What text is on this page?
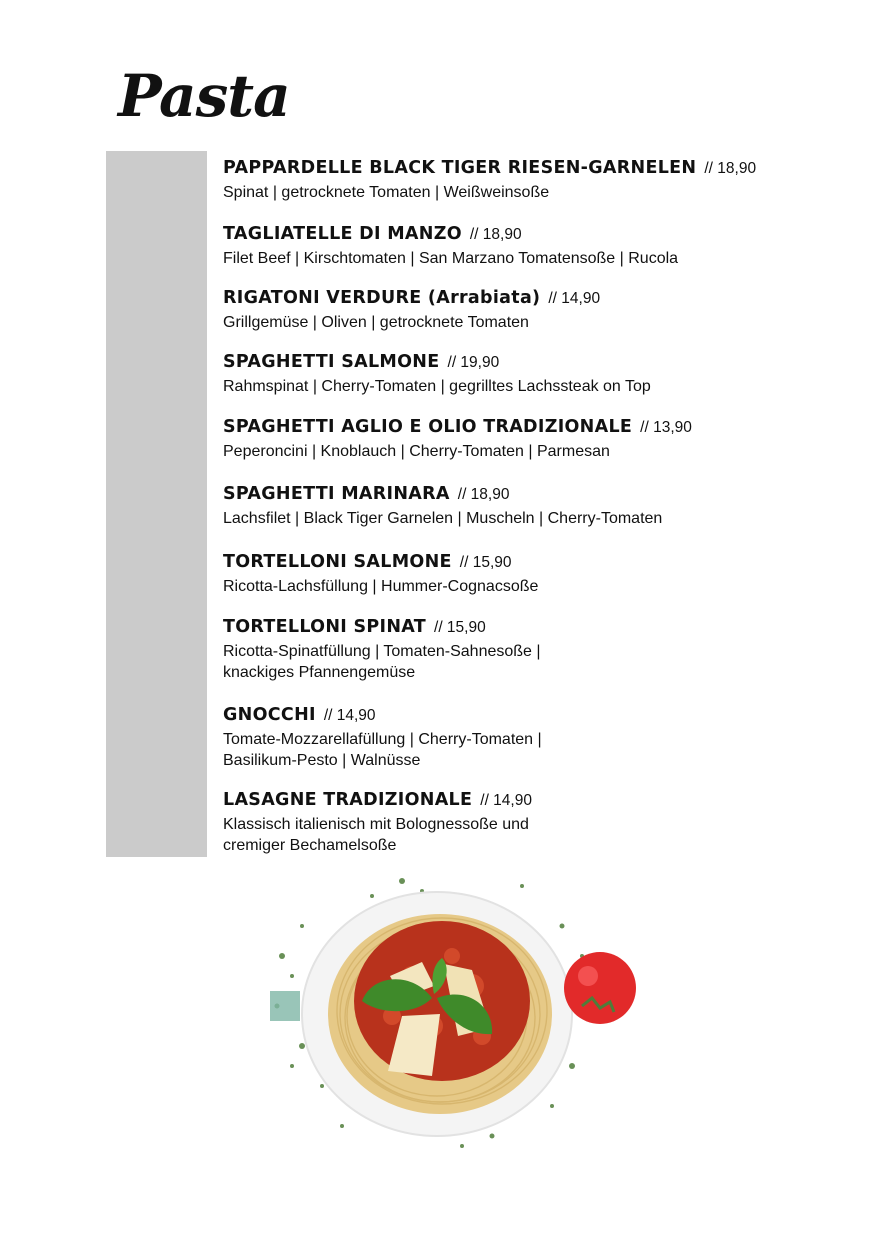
Pasta
PAPPARDELLE BLACK TIGER RIESEN-GARNELEN // 18,90
Spinat | getrocknete Tomaten | Weißweinsoße
TAGLIATELLE DI MANZO // 18,90
Filet Beef | Kirschtomaten | San Marzano Tomatensoße | Rucola
RIGATONI VERDURE (Arrabiata) // 14,90
Grillgemüse | Oliven | getrocknete Tomaten
SPAGHETTI SALMONE // 19,90
Rahmspinat | Cherry-Tomaten | gegrilltes Lachssteak on Top
SPAGHETTI AGLIO E OLIO TRADIZIONALE // 13,90
Peperoncini | Knoblauch | Cherry-Tomaten | Parmesan
SPAGHETTI MARINARA // 18,90
Lachsfilet | Black Tiger Garnelen | Muscheln | Cherry-Tomaten
TORTELLONI SALMONE // 15,90
Ricotta-Lachsfüllung | Hummer-Cognacsoße
TORTELLONI SPINAT // 15,90
Ricotta-Spinatfüllung | Tomaten-Sahnesoße |
knackiges Pfannengemüse
GNOCCHI // 14,90
Tomate-Mozzarellafüllung | Cherry-Tomaten |
Basilikum-Pesto | Walnüsse
LASAGNE TRADIZIONALE // 14,90
Klassisch italienisch mit Bolognessoße und
cremiger Bechamelsoße
